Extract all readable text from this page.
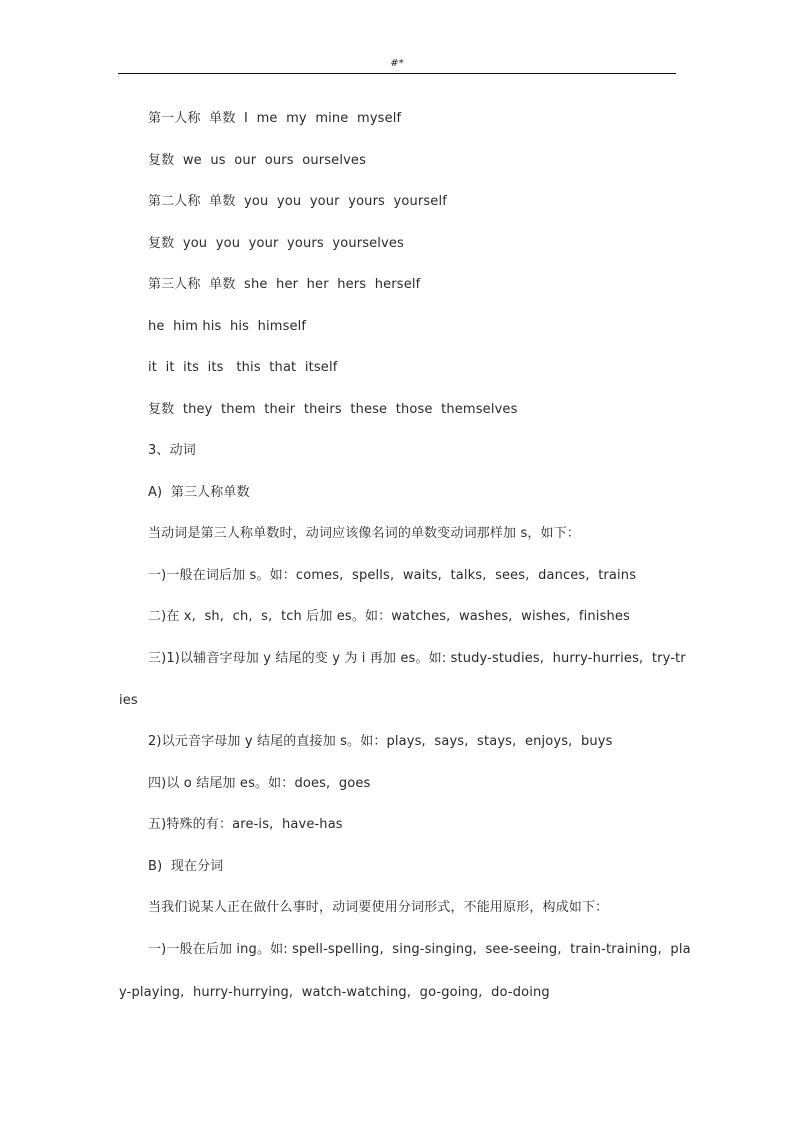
#*
第一人称  单数  I  me  my  mine  myself
复数  we  us  our  ours  ourselves
第二人称  单数  you  you  your  yours  yourself
复数  you  you  your  yours  yourselves
第三人称  单数  she  her  her  hers  herself
he  him his  his  himself
it  it  its  its   this  that  itself
复数  they  them  their  theirs  these  those  themselves
3、动词
A)  第三人称单数
当动词是第三人称单数时，动词应该像名词的单数变动词那样加 s，如下：
一)一般在词后加 s。如：comes,  spells,  waits,  talks,  sees,  dances,  trains
二)在 x,  sh,  ch,  s,  tch 后加 es。如：watches,  washes,  wishes,  finishes
三)1)以辅音字母加 y 结尾的变 y 为 i 再加 es。如: study-studies,  hurry-hurries,  try-tr
ies
2)以元音字母加 y 结尾的直接加 s。如：plays,  says,  stays,  enjoys,  buys
四)以 o 结尾加 es。如：does,  goes
五)特殊的有：are-is,  have-has
B)  现在分词
当我们说某人正在做什么事时，动词要使用分词形式，不能用原形，构成如下：
一)一般在后加 ing。如: spell-spelling,  sing-singing,  see-seeing,  train-training,  pla
y-playing,  hurry-hurrying,  watch-watching,  go-going,  do-doing
